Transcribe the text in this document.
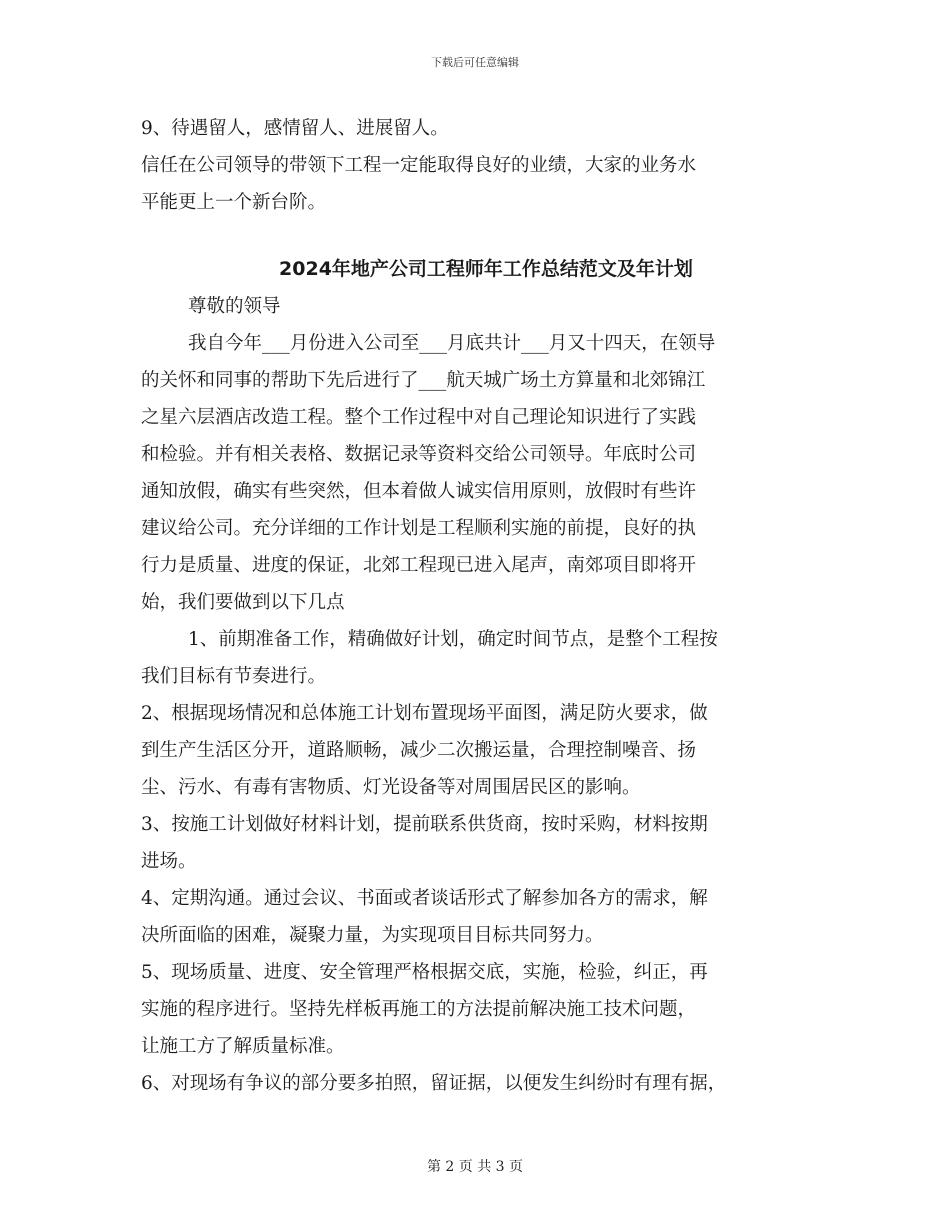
下载后可任意编辑
9、待遇留人，感情留人、进展留人。
信任在公司领导的带领下工程一定能取得良好的业绩，大家的业务水
平能更上一个新台阶。
2024年地产公司工程师年工作总结范文及年计划
尊敬的领导
我自今年___月份进入公司至___月底共计___月又十四天，在领导
的关怀和同事的帮助下先后进行了___航天城广场土方算量和北郊锦江
之星六层酒店改造工程。整个工作过程中对自己理论知识进行了实践
和检验。并有相关表格、数据记录等资料交给公司领导。年底时公司
通知放假，确实有些突然，但本着做人诚实信用原则，放假时有些许
建议给公司。充分详细的工作计划是工程顺利实施的前提，良好的执
行力是质量、进度的保证，北郊工程现已进入尾声，南郊项目即将开
始，我们要做到以下几点
1、前期准备工作，精确做好计划，确定时间节点，是整个工程按
我们目标有节奏进行。
2、根据现场情况和总体施工计划布置现场平面图，满足防火要求，做
到生产生活区分开，道路顺畅，减少二次搬运量，合理控制噪音、扬
尘、污水、有毒有害物质、灯光设备等对周围居民区的影响。
3、按施工计划做好材料计划，提前联系供货商，按时采购，材料按期
进场。
4、定期沟通。通过会议、书面或者谈话形式了解参加各方的需求，解
决所面临的困难，凝聚力量，为实现项目目标共同努力。
5、现场质量、进度、安全管理严格根据交底，实施，检验，纠正，再
实施的程序进行。坚持先样板再施工的方法提前解决施工技术问题，
让施工方了解质量标准。
6、对现场有争议的部分要多拍照，留证据，以便发生纠纷时有理有据，
第 2 页 共 3 页
